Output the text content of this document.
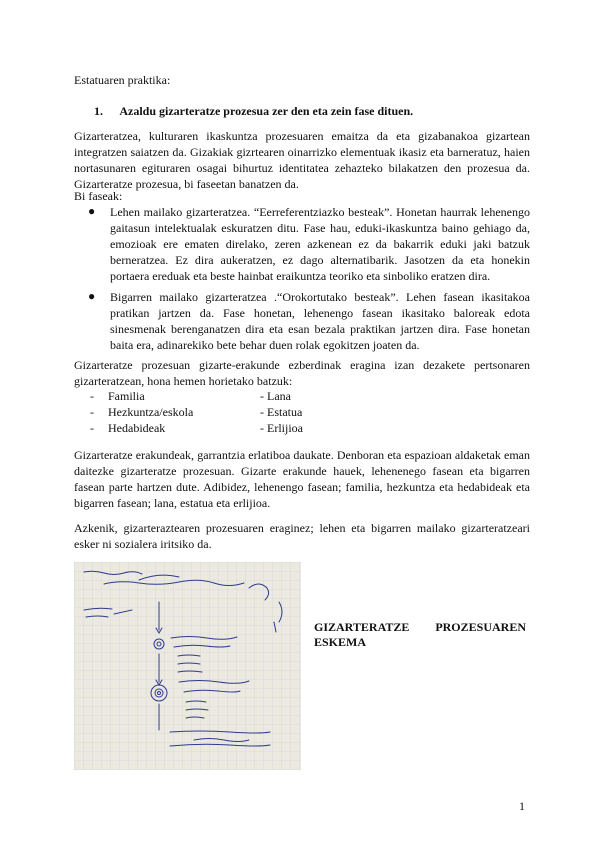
Estatuaren praktika:

1. Azaldu gizarteratze prozesua zer den eta zein fase dituen.

Gizarteratzea, kulturaren ikaskuntza prozesuaren emaitza da eta gizabanakoa gizartean integratzen saiatzen da. Gizakiak gizrtearen oinarrizko elementuak ikasiz eta barneratuz, haien nortasunaren egituraren osagai bihurtuz identitatea zehazteko bilakatzen den prozesua da. Gizarteratze prozesua, bi faseetan banatzen da.

Bi faseak:

● Lehen mailako gizarteratzea. “Eerreferentziazko besteak”. Honetan haurrak lehenengo gaitasun intelektualak eskuratzen ditu. Fase hau, eduki-ikaskuntza baino gehiago da, emozioak ere ematen direlako, zeren azkenean ez da bakarrik eduki jaki batzuk berneratzea. Ez dira aukeratzen, ez dago alternatibarik. Jasotzen da eta honekin portaera ereduak eta beste hainbat eraikuntza teoriko eta sinboliko eratzen dira.

● Bigarren mailako gizarteratzea .“Orokortutako besteak”. Lehen fasean ikasitakoa pratikan jartzen da. Fase honetan, lehenengo fasean ikasitako baloreak edota sinesmenak berenganatzen dira eta esan bezala praktikan jartzen dira. Fase honetan baita era, adinarekiko bete behar duen rolak egokitzen joaten da.

Gizarteratze prozesuan gizarte-erakunde ezberdinak eragina izan dezakete pertsonaren gizarteratzean, hona hemen horietako batzuk:

- Familia	- Lana
- Hezkuntza/eskola	- Estatua
- Hedabideak	- Erlijioa

Gizarteratze erakundeak, garrantzia erlatiboa daukate. Denboran eta espazioan aldaketak eman daitezke gizarteratze prozesuan. Gizarte erakunde hauek, lehenenego fasean eta bigarren fasean parte hartzen dute. Adibidez, lehenengo fasean; familia, hezkuntza eta hedabideak eta bigarren fasean; lana, estatua eta erlijioa.

Azkenik, gizarteraztearen prozesuaren eraginez; lehen eta bigarren mailako gizarteratzeari esker ni sozialera iritsiko da.

GIZARTERATZE PROZESUAREN
ESKEMA
1
